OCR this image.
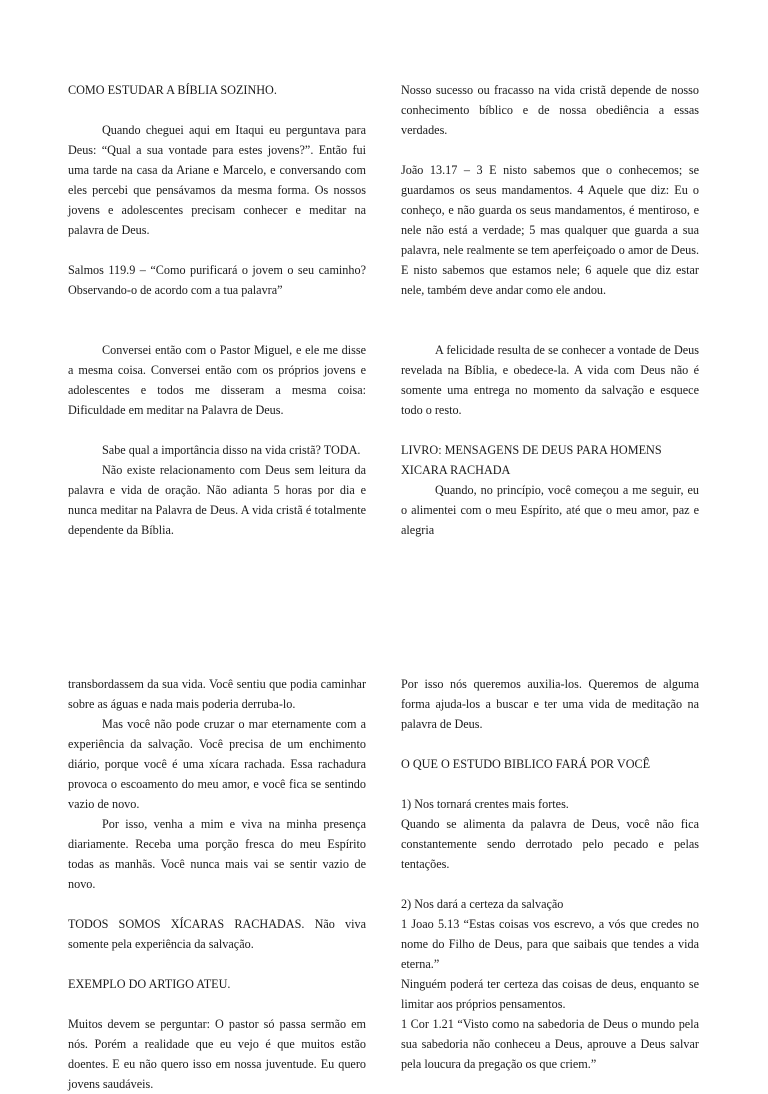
COMO ESTUDAR A BÍBLIA SOZINHO.

Quando cheguei aqui em Itaqui eu perguntava para Deus: “Qual a sua vontade para estes jovens?”. Então fui uma tarde na casa da Ariane e Marcelo, e conversando com eles percebi que pensávamos da mesma forma. Os nossos jovens e adolescentes precisam conhecer e meditar na palavra de Deus.

Salmos 119.9 – “Como purificará o jovem o seu caminho? Observando-o de acordo com a tua palavra”

Conversei então com o Pastor Miguel, e ele me disse a mesma coisa. Conversei então com os próprios jovens e adolescentes e todos me disseram a mesma coisa: Dificuldade em meditar na Palavra de Deus.

Sabe qual a importância disso na vida cristã? TODA.

Não existe relacionamento com Deus sem leitura da palavra e vida de oração. Não adianta 5 horas por dia e nunca meditar na Palavra de Deus. A vida cristã é totalmente dependente da Bíblia.

Nosso sucesso ou fracasso na vida cristã depende de nosso conhecimento bíblico e de nossa obediência a essas verdades.

João 13.17 – 3 E nisto sabemos que o conhecemos; se guardamos os seus mandamentos. 4 Aquele que diz: Eu o conheço, e não guarda os seus mandamentos, é mentiroso, e nele não está a verdade; 5 mas qualquer que guarda a sua palavra, nele realmente se tem aperfeiçoado o amor de Deus. E nisto sabemos que estamos nele; 6 aquele que diz estar nele, também deve andar como ele andou.

A felicidade resulta de se conhecer a vontade de Deus revelada na Bíblia, e obedece-la. A vida com Deus não é somente uma entrega no momento da salvação e esquece todo o resto.

LIVRO: MENSAGENS DE DEUS PARA HOMENS

XICARA RACHADA

Quando, no princípio, você começou a me seguir, eu o alimentei com o meu Espírito, até que o meu amor, paz e alegria

transbordassem da sua vida. Você sentiu que podia caminhar sobre as águas e nada mais poderia derruba-lo.

Mas você não pode cruzar o mar eternamente com a experiência da salvação. Você precisa de um enchimento diário, porque você é uma xícara rachada. Essa rachadura provoca o escoamento do meu amor, e você fica se sentindo vazio de novo.

Por isso, venha a mim e viva na minha presença diariamente. Receba uma porção fresca do meu Espírito todas as manhãs. Você nunca mais vai se sentir vazio de novo.

TODOS SOMOS XÍCARAS RACHADAS. Não viva somente pela experiência da salvação.

EXEMPLO DO ARTIGO ATEU.

Muitos devem se perguntar: O pastor só passa sermão em nós. Porém a realidade que eu vejo é que muitos estão doentes. E eu não quero isso em nossa juventude. Eu quero jovens saudáveis.

Por isso nós queremos auxilia-los. Queremos de alguma forma ajuda-los a buscar e ter uma vida de meditação na palavra de Deus.

O QUE O ESTUDO BIBLICO FARÁ POR VOCÊ

1) Nos tornará crentes mais fortes.

Quando se alimenta da palavra de Deus, você não fica constantemente sendo derrotado pelo pecado e pelas tentações.

2) Nos dará a certeza da salvação

1 Joao 5.13 “Estas coisas vos escrevo, a vós que credes no nome do Filho de Deus, para que saibais que tendes a vida eterna.”

Ninguém poderá ter certeza das coisas de deus, enquanto se limitar aos próprios pensamentos.

1 Cor 1.21 “Visto como na sabedoria de Deus o mundo pela sua sabedoria não conheceu a Deus, aprouve a Deus salvar pela loucura da pregação os que criem.”
